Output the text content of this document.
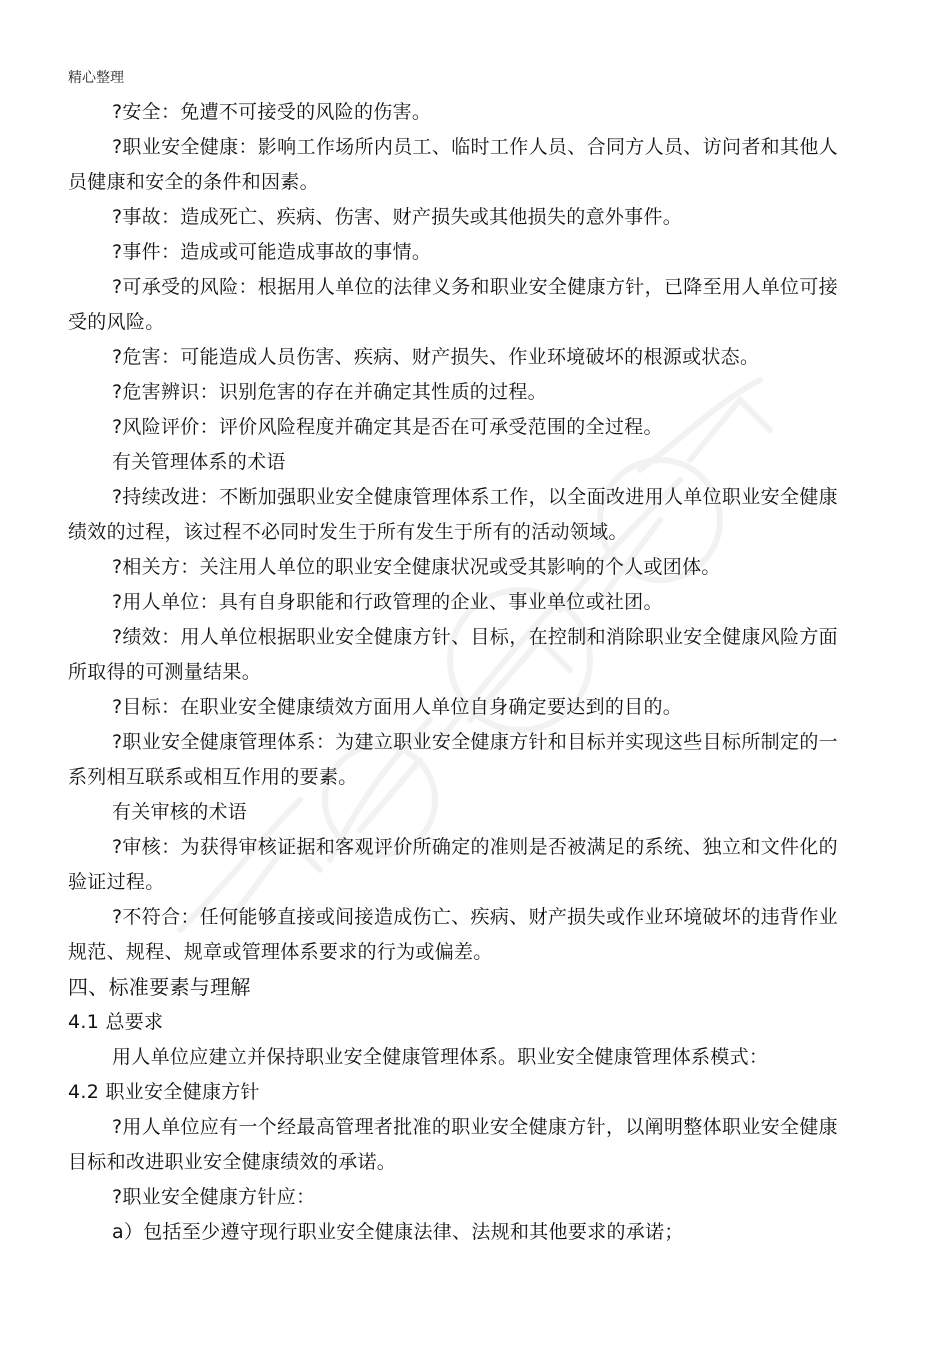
精心整理

?安全：免遭不可接受的风险的伤害。

?职业安全健康：影响工作场所内员工、临时工作人员、合同方人员、访问者和其他人员健康和安全的条件和因素。

?事故：造成死亡、疾病、伤害、财产损失或其他损失的意外事件。

?事件：造成或可能造成事故的事情。

?可承受的风险：根据用人单位的法律义务和职业安全健康方针，已降至用人单位可接受的风险。

?危害：可能造成人员伤害、疾病、财产损失、作业环境破坏的根源或状态。

?危害辨识：识别危害的存在并确定其性质的过程。

?风险评价：评价风险程度并确定其是否在可承受范围的全过程。

有关管理体系的术语

?持续改进：不断加强职业安全健康管理体系工作，以全面改进用人单位职业安全健康绩效的过程，该过程不必同时发生于所有发生于所有的活动领域。

?相关方：关注用人单位的职业安全健康状况或受其影响的个人或团体。

?用人单位：具有自身职能和行政管理的企业、事业单位或社团。

?绩效：用人单位根据职业安全健康方针、目标，在控制和消除职业安全健康风险方面所取得的可测量结果。

?目标：在职业安全健康绩效方面用人单位自身确定要达到的目的。

?职业安全健康管理体系：为建立职业安全健康方针和目标并实现这些目标所制定的一系列相互联系或相互作用的要素。

有关审核的术语

?审核：为获得审核证据和客观评价所确定的准则是否被满足的系统、独立和文件化的验证过程。

?不符合：任何能够直接或间接造成伤亡、疾病、财产损失或作业环境破坏的违背作业规范、规程、规章或管理体系要求的行为或偏差。

四、标准要素与理解

4.1 总要求

用人单位应建立并保持职业安全健康管理体系。职业安全健康管理体系模式：

4.2 职业安全健康方针

?用人单位应有一个经最高管理者批准的职业安全健康方针，以阐明整体职业安全健康目标和改进职业安全健康绩效的承诺。

?职业安全健康方针应：

a）包括至少遵守现行职业安全健康法律、法规和其他要求的承诺；
